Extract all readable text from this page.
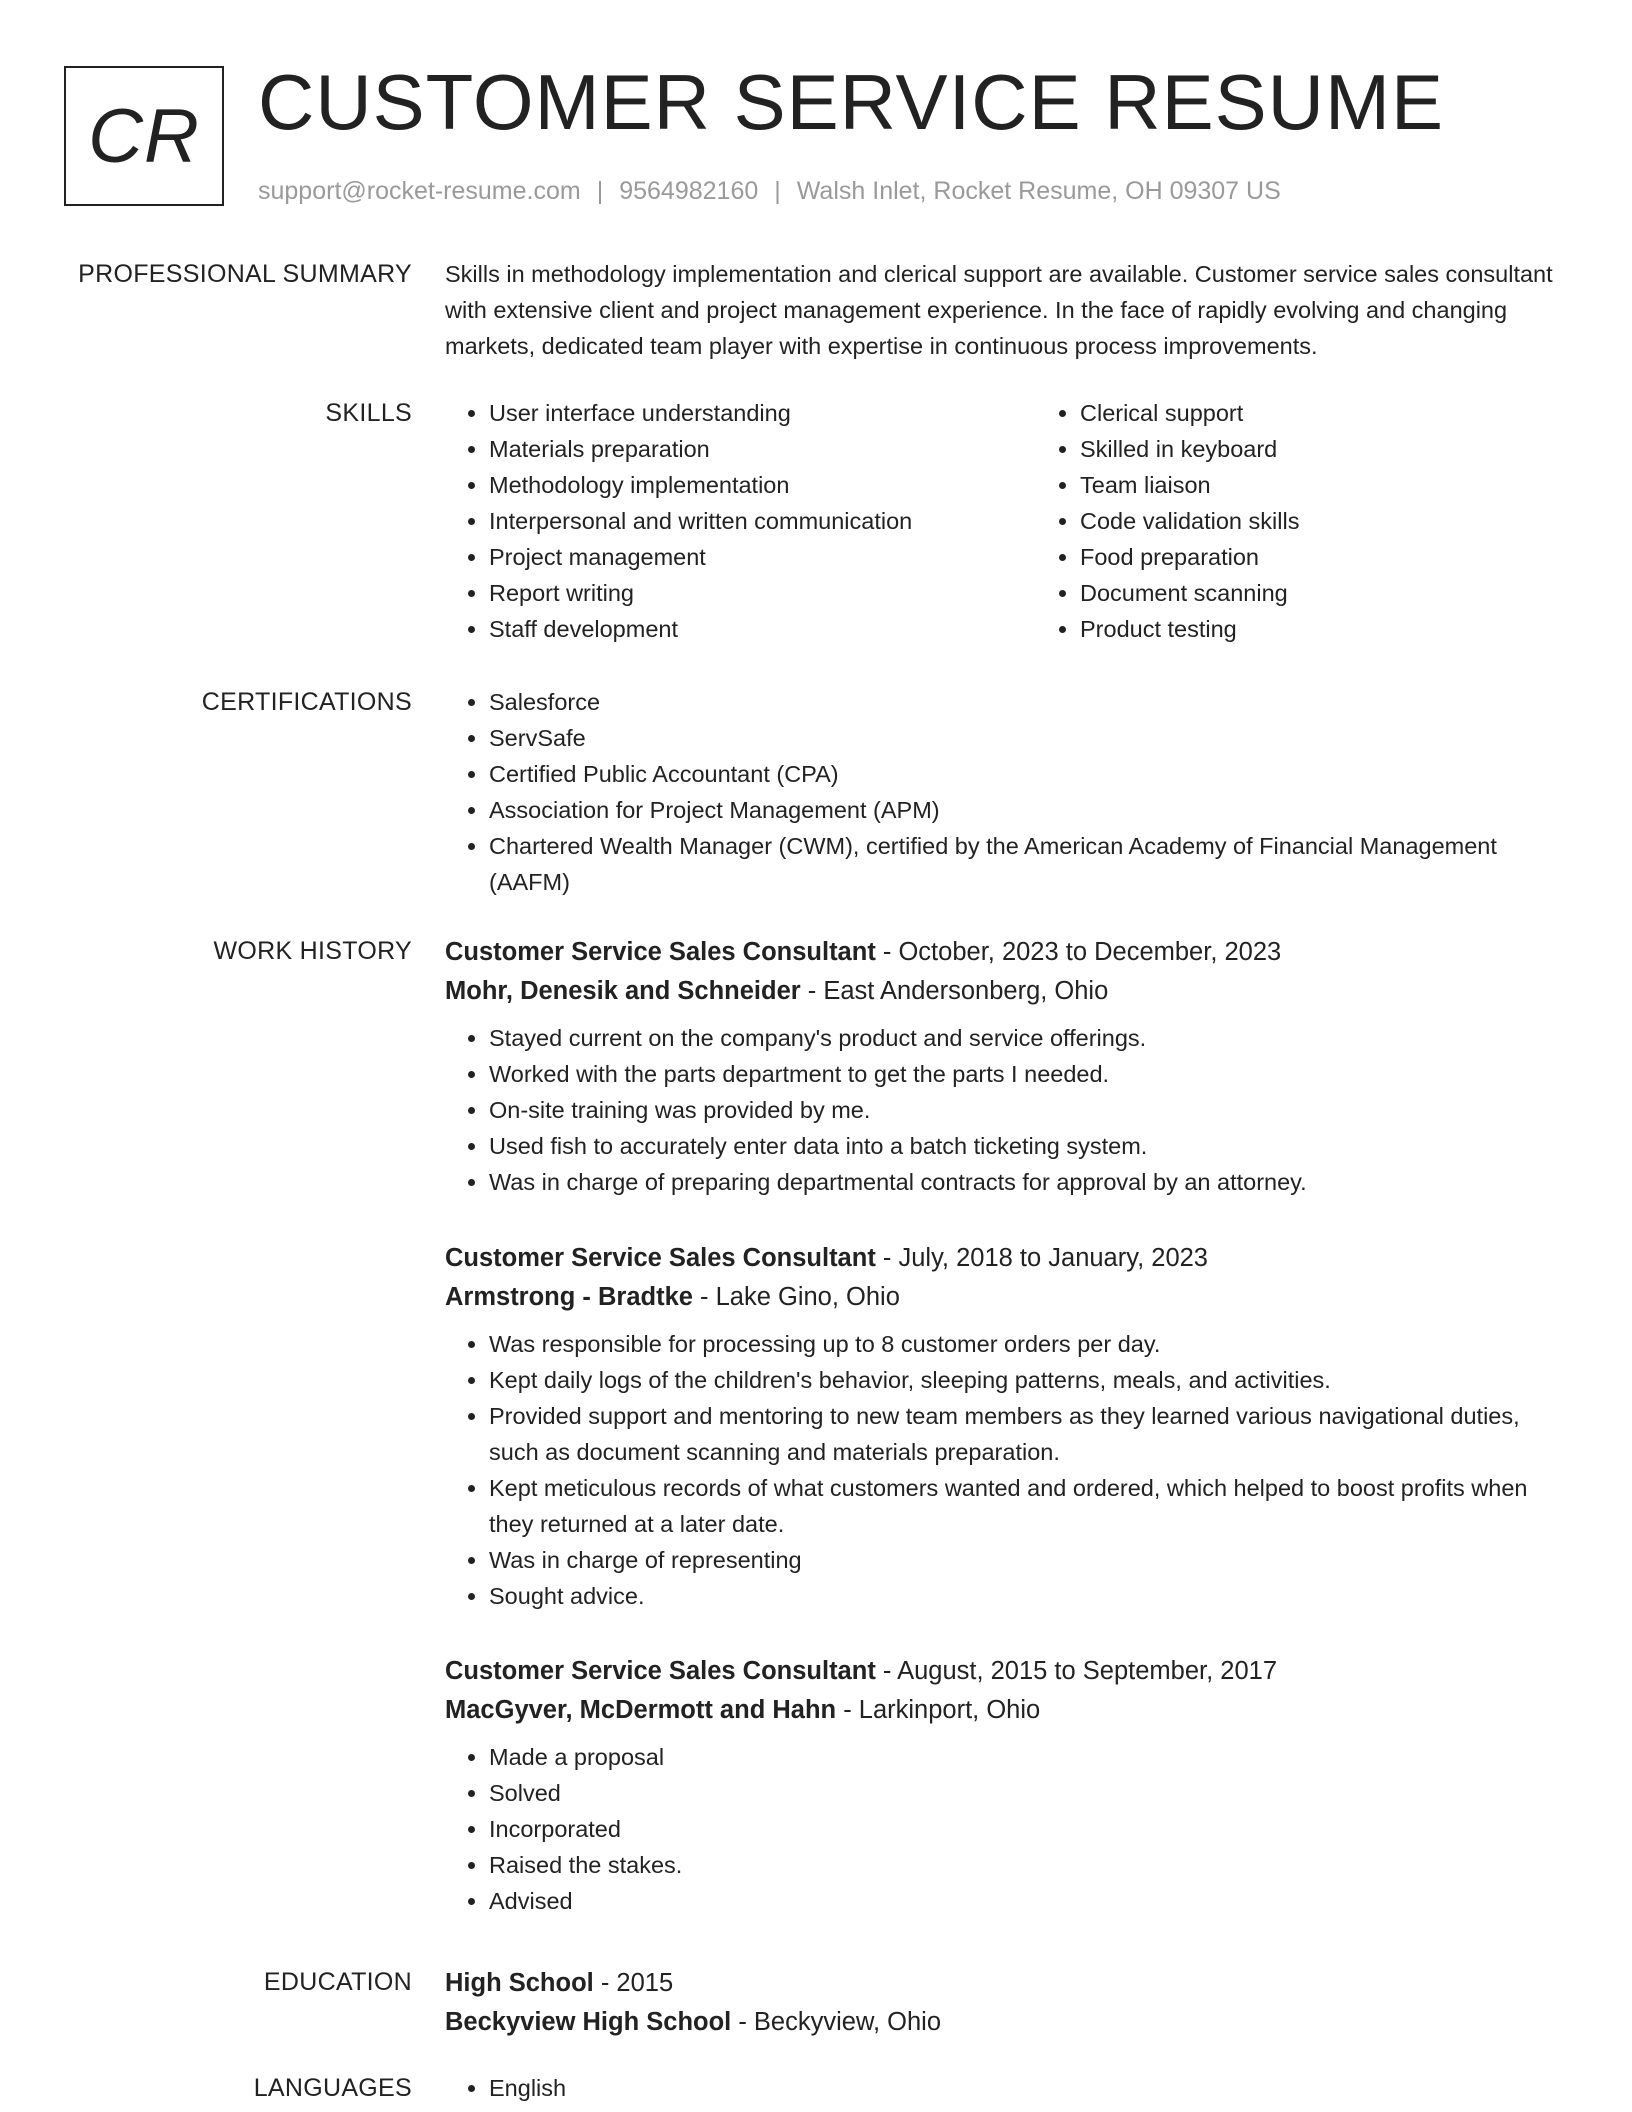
CR CUSTOMER SERVICE RESUME
support@rocket-resume.com | 9564982160 | Walsh Inlet, Rocket Resume, OH 09307 US
PROFESSIONAL SUMMARY Skills in methodology implementation and clerical support are available. Customer service sales consultant with extensive client and project management experience. In the face of rapidly evolving and changing markets, dedicated team player with expertise in continuous process improvements.

SKILLS	• User interface understanding
• Materials preparation
• Methodology implementation
• Interpersonal and written communication
• Project management
• Report writing
• Staff development
• Clerical support
• Skilled in keyboard
• Team liaison
• Code validation skills
• Food preparation
• Document scanning
• Product testing
CERTIFICATIONS	• Salesforce
• ServSafe
• Certified Public Accountant (CPA)
• Association for Project Management (APM)
• Chartered Wealth Manager (CWM), certified by the American Academy of Financial Management (AAFM)
WORK HISTORY Customer Service Sales Consultant - October, 2023 to December, 2023
Mohr, Denesik and Schneider - East Andersonberg, Ohio
• Stayed current on the company's product and service offerings.
• Worked with the parts department to get the parts I needed.
• On-site training was provided by me.
• Used fish to accurately enter data into a batch ticketing system.
• Was in charge of preparing departmental contracts for approval by an attorney.
Customer Service Sales Consultant - July, 2018 to January, 2023
Armstrong - Bradtke - Lake Gino, Ohio
• Was responsible for processing up to 8 customer orders per day.
• Kept daily logs of the children's behavior, sleeping patterns, meals, and activities.
• Provided support and mentoring to new team members as they learned various navigational duties, such as document scanning and materials preparation.
• Kept meticulous records of what customers wanted and ordered, which helped to boost profits when they returned at a later date.
• Was in charge of representing
• Sought advice.
Customer Service Sales Consultant - August, 2015 to September, 2017
MacGyver, McDermott and Hahn - Larkinport, Ohio
• Made a proposal
• Solved
• Incorporated
• Raised the stakes.
• Advised
EDUCATION High School - 2015
Beckyview High School - Beckyview, Ohio
LANGUAGES	• English
